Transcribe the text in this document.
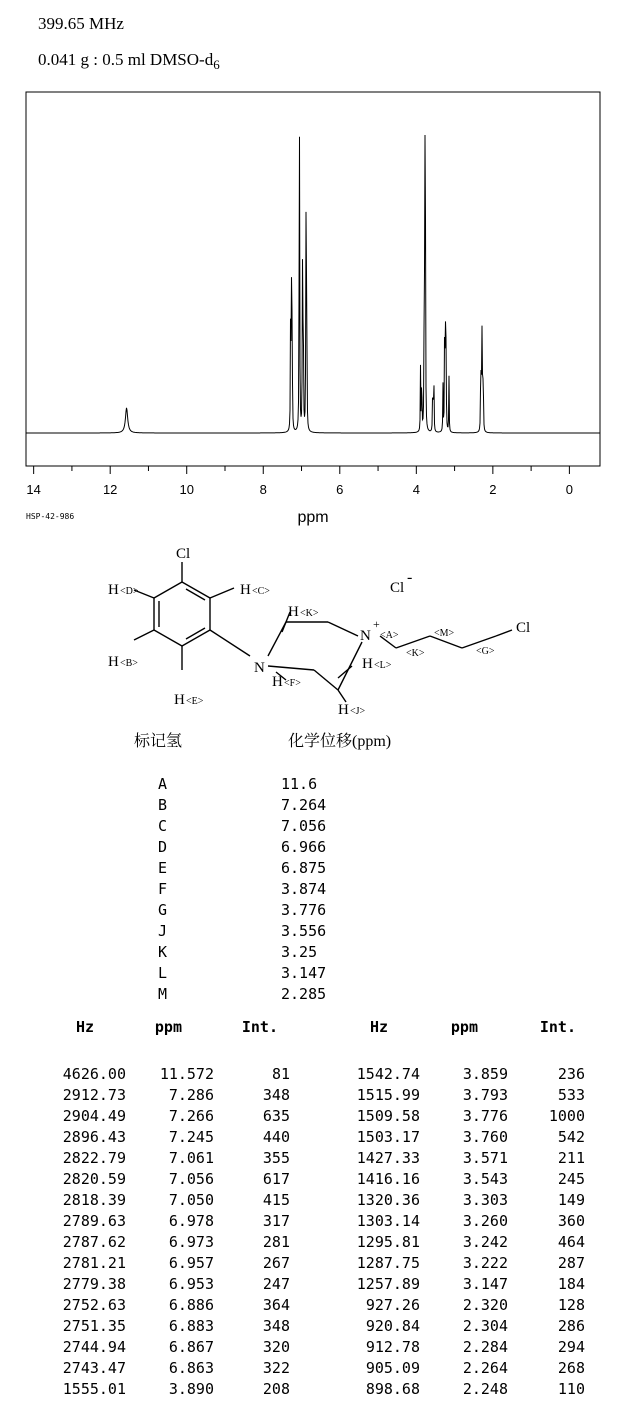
399.65 MHz
0.041 g : 0.5 ml DMSO-$d_6$
14	12	10	8	6	4	2	0
ppm
HSP-42-986
Cl
H <D>	H <C>	Cl
-
H <K>
N
+
<A>	<M>	Cl
H <B>	N	H <L>
<K>	<G>
H <F>
H <E>
H <J>
标记氢	化学位移(ppm)
A	11.6
B	7.264
C	7.056
D	6.966
E	6.875
F	3.874
G	3.776
J	3.556
K	3.25
L	3.147
M	2.285
Hz	ppm	Int.	Hz	ppm	Int.
4626.00	11.572	81	1542.74	3.859	236
2912.73	7.286	348	1515.99	3.793	533
2904.49	7.266	635	1509.58	3.776	1000
2896.43	7.245	440	1503.17	3.760	542
2822.79	7.061	355	1427.33	3.571	211
2820.59	7.056	617	1416.16	3.543	245
2818.39	7.050	415	1320.36	3.303	149
2789.63	6.978	317	1303.14	3.260	360
2787.62	6.973	281	1295.81	3.242	464
2781.21	6.957	267	1287.75	3.222	287
2779.38	6.953	247	1257.89	3.147	184
2752.63	6.886	364	927.26	2.320	128
2751.35	6.883	348	920.84	2.304	286
2744.94	6.867	320	912.78	2.284	294
2743.47	6.863	322	905.09	2.264	268
1555.01	3.890	208	898.68	2.248	110
